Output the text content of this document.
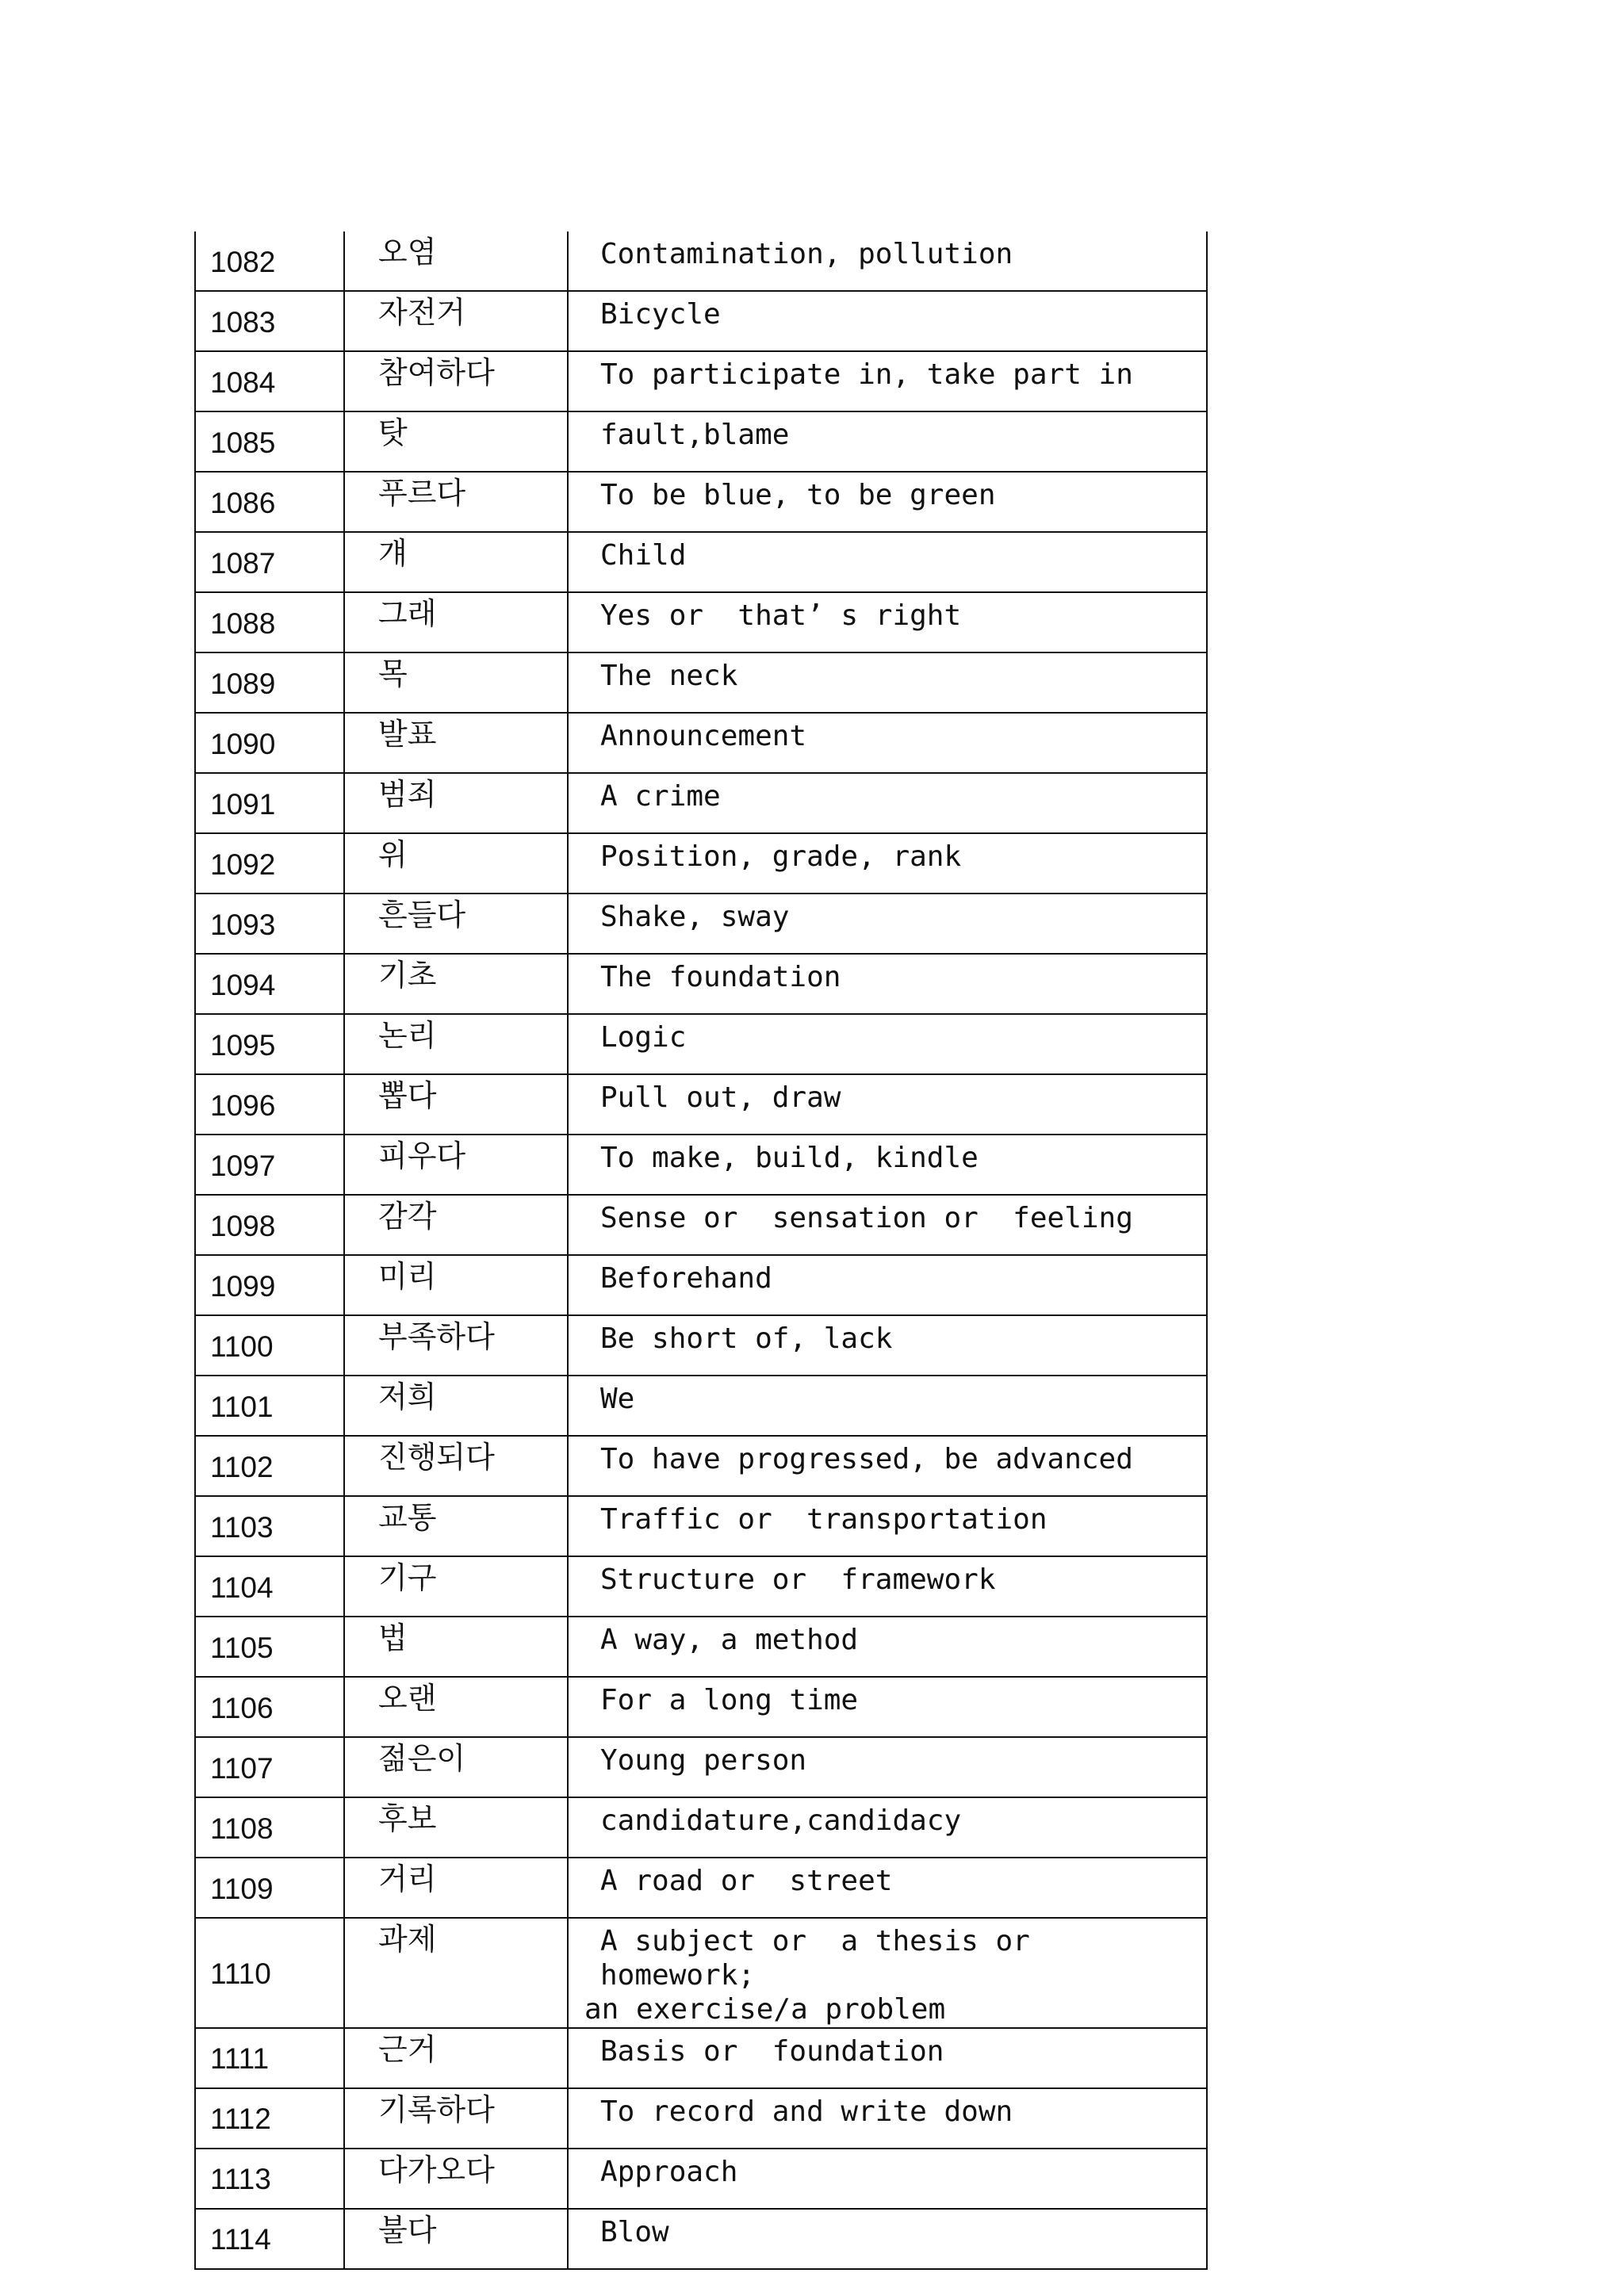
1082	오염	Contamination, pollution
1083	자전거	Bicycle
1084	참여하다	To participate in, take part in
1085	탓	fault,blame
1086	푸르다	To be blue, to be green
1087	걔	Child
1088	그래	Yes or  that’ s right
1089	목	The neck
1090	발표	Announcement
1091	범죄	A crime
1092	위	Position, grade, rank
1093	흔들다	Shake, sway
1094	기초	The foundation
1095	논리	Logic
1096	뽑다	Pull out, draw
1097	피우다	To make, build, kindle
1098	감각	Sense or  sensation or  feeling
1099	미리	Beforehand
1100	부족하다	Be short of, lack
1101	저희	We
1102	진행되다	To have progressed, be advanced
1103	교통	Traffic or  transportation
1104	기구	Structure or  framework
1105	법	A way, a method
1106	오랜	For a long time
1107	젊은이	Young person
1108	후보	candidature,candidacy
1109	거리	A road or  street
1110	과제	A subject or  a thesis or  homework;
an exercise/a problem

1111	근거	Basis or  foundation
1112	기록하다	To record and write down
1113	다가오다	Approach
1114	불다	Blow
